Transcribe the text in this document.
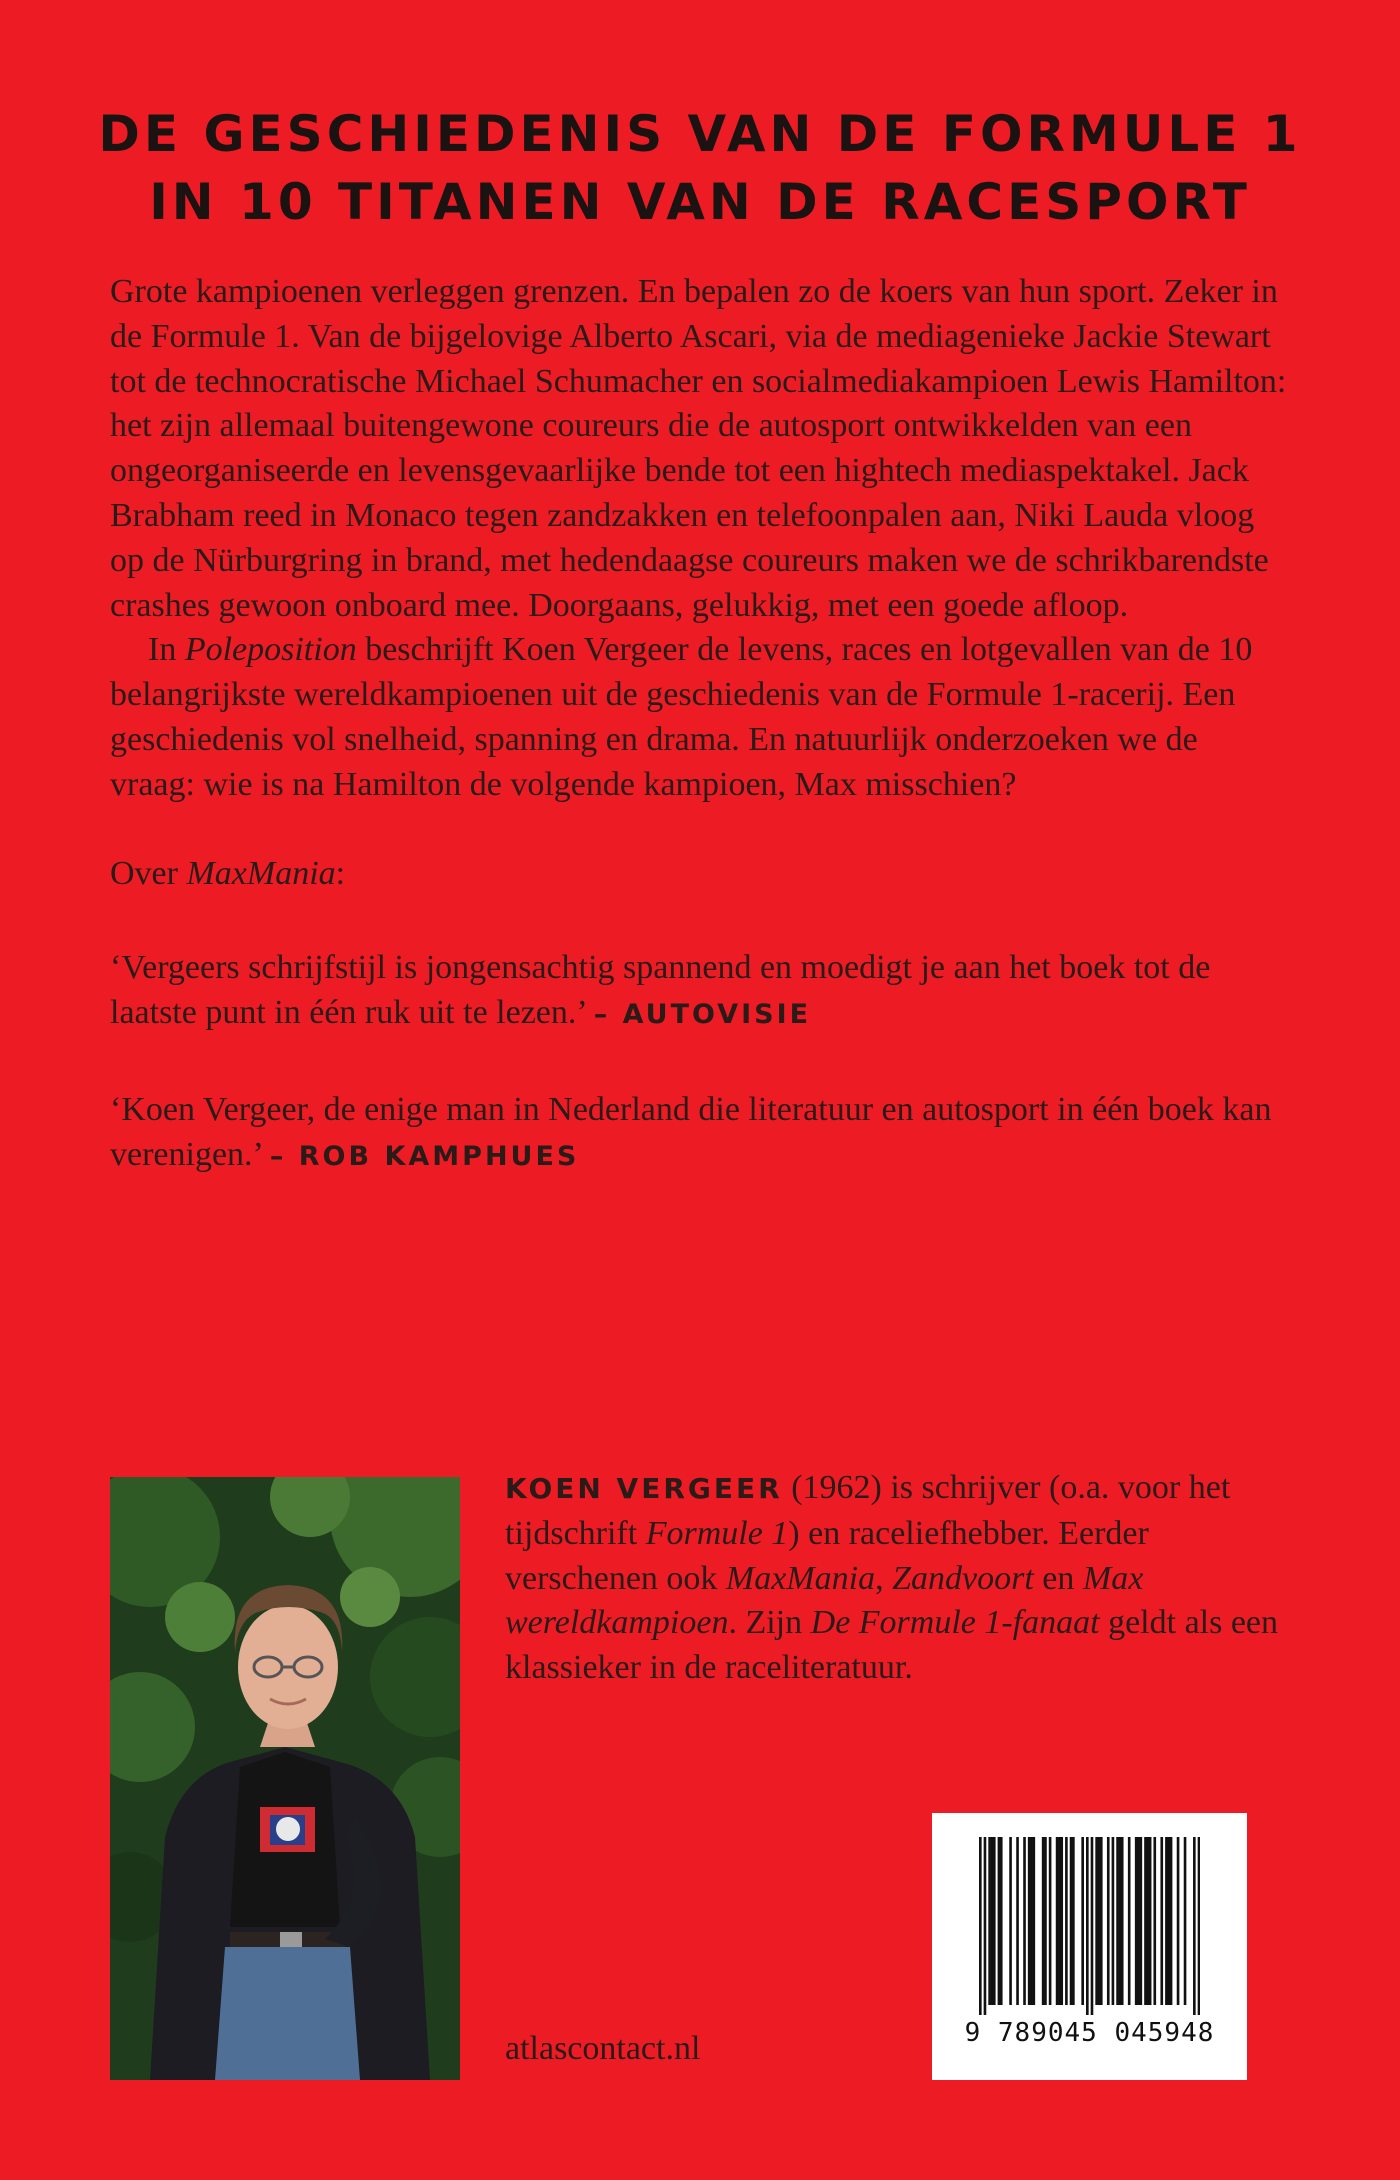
DE GESCHIEDENIS VAN DE FORMULE 1
IN 10 TITANEN VAN DE RACESPORT

Grote kampioenen verleggen grenzen. En bepalen zo de koers van hun sport. Zeker in de Formule 1. Van de bijgelovige Alberto Ascari, via de mediagenieke Jackie Stewart tot de technocratische Michael Schumacher en socialmediakampioen Lewis Hamilton: het zijn allemaal buitengewone coureurs die de autosport ontwikkelden van een ongeorganiseerde en levensgevaarlijke bende tot een hightech mediaspektakel. Jack Brabham reed in Monaco tegen zandzakken en telefoonpalen aan, Niki Lauda vloog op de Nürburgring in brand, met hedendaagse coureurs maken we de schrikbarendste crashes gewoon onboard mee. Doorgaans, gelukkig, met een goede afloop.

In Poleposition beschrijft Koen Vergeer de levens, races en lotgevallen van de 10 belangrijkste wereldkampioenen uit de geschiedenis van de Formule 1-racerij. Een geschiedenis vol snelheid, spanning en drama. En natuurlijk onderzoeken we de vraag: wie is na Hamilton de volgende kampioen, Max misschien?

Over MaxMania:

‘Vergeers schrijfstijl is jongensachtig spannend en moedigt je aan het boek tot de laatste punt in één ruk uit te lezen.’ – AUTOVISIE

‘Koen Vergeer, de enige man in Nederland die literatuur en autosport in één boek kan verenigen.’ – ROB KAMPHUES

KOEN VERGEER (1962) is schrijver (o.a. voor het tijdschrift Formule 1) en raceliefhebber. Eerder verschenen ook MaxMania, Zandvoort en Max wereldkampioen. Zijn De Formule 1-fanaat geldt als een klassieker in de raceliteratuur.
atlascontact.nl	9 789045 045948
